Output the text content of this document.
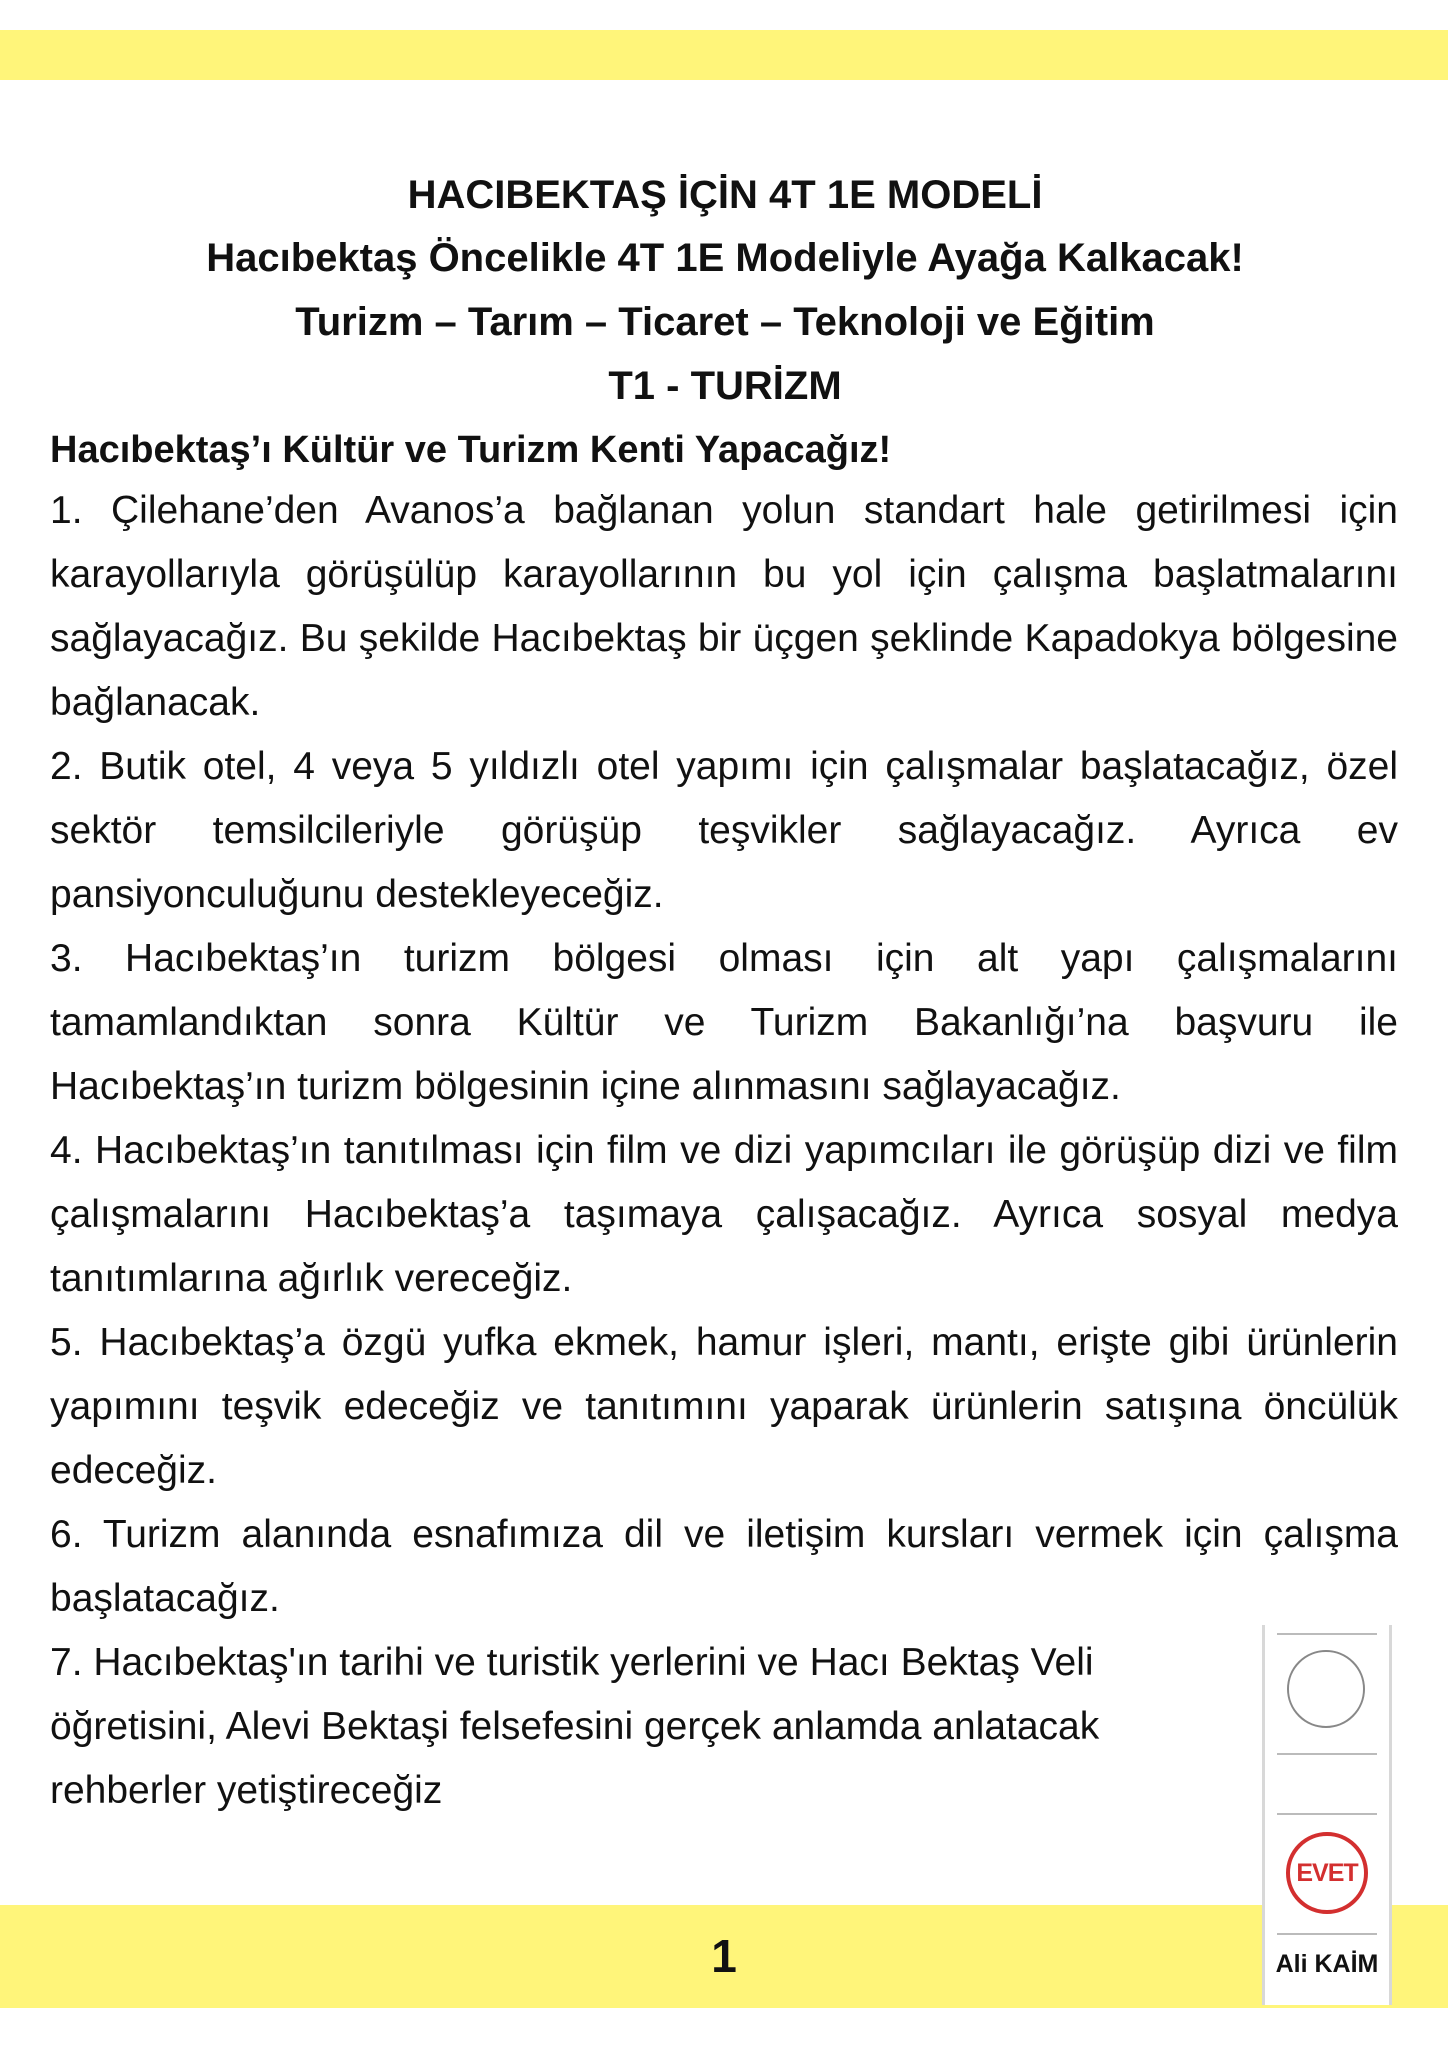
HACIBEKTAŞ İÇİN 4T 1E MODELİ
Hacıbektaş Öncelikle 4T 1E Modeliyle Ayağa Kalkacak!
Turizm – Tarım – Ticaret – Teknoloji ve Eğitim
T1 - TURİZM
Hacıbektaş’ı Kültür ve Turizm Kenti Yapacağız!
1. Çilehane’den Avanos’a bağlanan yolun standart hale getirilmesi için karayollarıyla görüşülüp karayollarının bu yol için çalışma başlatmalarını sağlayacağız. Bu şekilde Hacıbektaş bir üçgen şeklinde Kapadokya bölgesine bağlanacak.
2. Butik otel, 4 veya 5 yıldızlı otel yapımı için çalışmalar başlatacağız, özel sektör temsilcileriyle görüşüp teşvikler sağlayacağız. Ayrıca ev pansiyonculuğunu destekleyeceğiz.
3. Hacıbektaş’ın turizm bölgesi olması için alt yapı çalışmalarını tamamlandıktan sonra Kültür ve Turizm Bakanlığı’na başvuru ile Hacıbektaş’ın turizm bölgesinin içine alınmasını sağlayacağız.
4. Hacıbektaş’ın tanıtılması için film ve dizi yapımcıları ile görüşüp dizi ve film çalışmalarını Hacıbektaş’a taşımaya çalışacağız. Ayrıca sosyal medya tanıtımlarına ağırlık vereceğiz.
5. Hacıbektaş’a özgü yufka ekmek, hamur işleri, mantı, erişte gibi ürünlerin yapımını teşvik edeceğiz ve tanıtımını yaparak ürünlerin satışına öncülük edeceğiz.
6. Turizm alanında esnafımıza dil ve iletişim kursları vermek için çalışma başlatacağız.
7. Hacıbektaş'ın tarihi ve turistik yerlerini ve Hacı Bektaş Veli öğretisini, Alevi Bektaşi felsefesini gerçek anlamda anlatacak rehberler yetiştireceğiz
1
EVET
Ali KAİM
